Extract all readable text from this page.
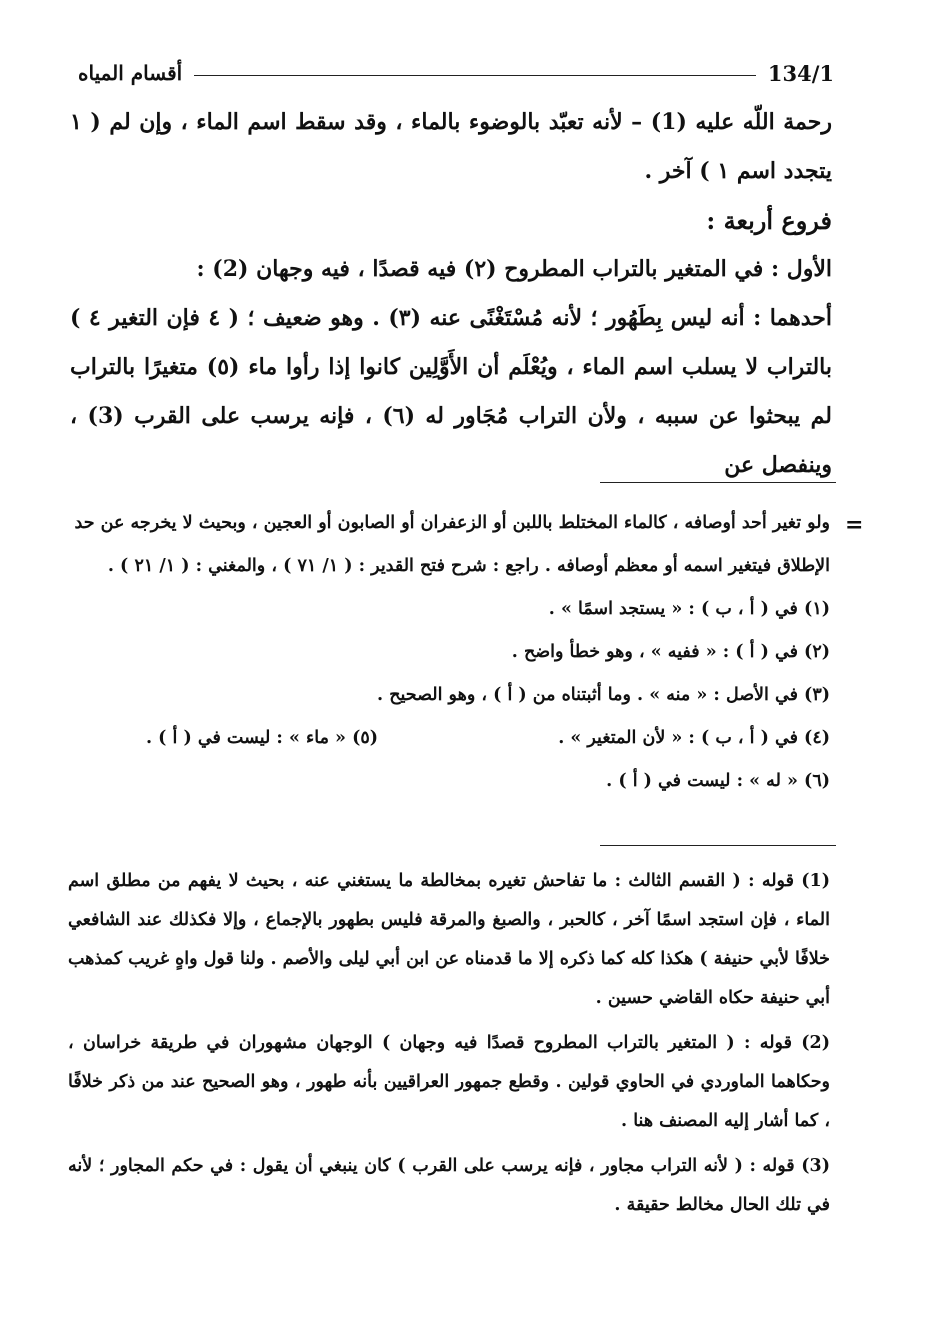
أقسام المياه	134/1

رحمة اللّه عليه (1) – لأنه تعبّد بالوضوء بالماء ، وقد سقط اسم الماء ، وإن لم ( ١ يتجدد اسم ١ ) آخر .

فروع أربعة :

الأول : في المتغير بالتراب المطروح (٢) فيه قصدًا ، فيه وجهان (2) :

أحدهما : أنه ليس بِطَهُور ؛ لأنه مُسْتَغْنًى عنه (٣) . وهو ضعيف ؛ ( ٤ فإن التغير ٤ ) بالتراب لا يسلب اسم الماء ، ويُعْلَم أن الأَوَّلِين كانوا إذا رأوا ماء (٥) متغيرًا بالتراب لم يبحثوا عن سببه ، ولأن التراب مُجَاور له (٦) ، فإنه يرسب على القرب (3) ، وينفصل عن

=

ولو تغير أحد أوصافه ، كالماء المختلط باللبن أو الزعفران أو الصابون أو العجين ، وبحيث لا يخرجه عن حد الإطلاق فيتغير اسمه أو معظم أوصافه . راجع : شرح فتح القدير : ( ١/ ٧١ ) ، والمغني : ( ١/ ٢١ ) .

(١) في ( أ ، ب ) : « يستجد اسمًا » .

(٢) في ( أ ) : « ففيه » ، وهو خطأ واضح .

(٣) في الأصل : « منه » . وما أثبتناه من ( أ ) ، وهو الصحيح .

(٤) في ( أ ، ب ) : « لأن المتغير » .
(٥) « ماء » : ليست في ( أ ) .

(٦) « له » : ليست في ( أ ) .

(1) قوله : ( القسم الثالث : ما تفاحش تغيره بمخالطة ما يستغني عنه ، بحيث لا يفهم من مطلق اسم الماء ، فإن استجد اسمًا آخر ، كالحبر ، والصبغ والمرقة فليس بطهور بالإجماع ، وإلا فكذلك عند الشافعي خلافًا لأبي حنيفة ) هكذا كله كما ذكره إلا ما قدمناه عن ابن أبي ليلى والأصم . ولنا قول واهٍ غريب كمذهب أبي حنيفة حكاه القاضي حسين .

(2) قوله : ( المتغير بالتراب المطروح قصدًا فيه وجهان ) الوجهان مشهوران في طريقة خراسان ، وحكاهما الماوردي في الحاوي قولين . وقطع جمهور العراقيين بأنه طهور ، وهو الصحيح عند من ذكر خلافًا ، كما أشار إليه المصنف هنا .

(3) قوله : ( لأنه التراب مجاور ، فإنه يرسب على القرب ) كان ينبغي أن يقول : في حكم المجاور ؛ لأنه في تلك الحال مخالط حقيقة .
